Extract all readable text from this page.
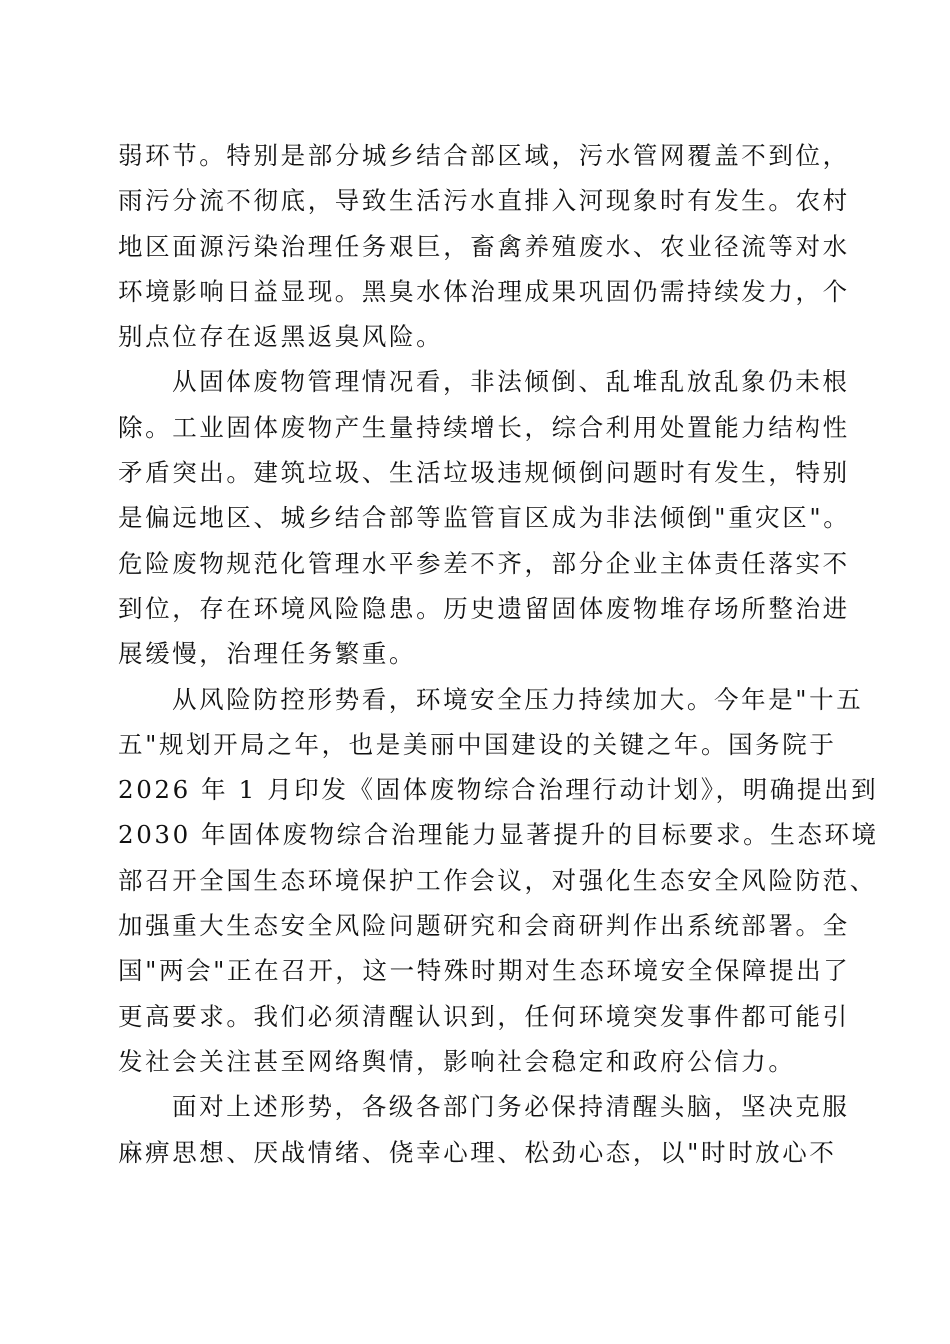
弱环节。特别是部分城乡结合部区域，污水管网覆盖不到位，
雨污分流不彻底，导致生活污水直排入河现象时有发生。农村
地区面源污染治理任务艰巨，畜禽养殖废水、农业径流等对水
环境影响日益显现。黑臭水体治理成果巩固仍需持续发力，个
别点位存在返黑返臭风险。
从固体废物管理情况看，非法倾倒、乱堆乱放乱象仍未根
除。工业固体废物产生量持续增长，综合利用处置能力结构性
矛盾突出。建筑垃圾、生活垃圾违规倾倒问题时有发生，特别
是偏远地区、城乡结合部等监管盲区成为非法倾倒"重灾区"。
危险废物规范化管理水平参差不齐，部分企业主体责任落实不
到位，存在环境风险隐患。历史遗留固体废物堆存场所整治进
展缓慢，治理任务繁重。
从风险防控形势看，环境安全压力持续加大。今年是"十五
五"规划开局之年，也是美丽中国建设的关键之年。国务院于
2026 年 1 月印发《固体废物综合治理行动计划》，明确提出到
2030 年固体废物综合治理能力显著提升的目标要求。生态环境
部召开全国生态环境保护工作会议，对强化生态安全风险防范、
加强重大生态安全风险问题研究和会商研判作出系统部署。全
国"两会"正在召开，这一特殊时期对生态环境安全保障提出了
更高要求。我们必须清醒认识到，任何环境突发事件都可能引
发社会关注甚至网络舆情，影响社会稳定和政府公信力。
面对上述形势，各级各部门务必保持清醒头脑，坚决克服
麻痹思想、厌战情绪、侥幸心理、松劲心态，以"时时放心不
